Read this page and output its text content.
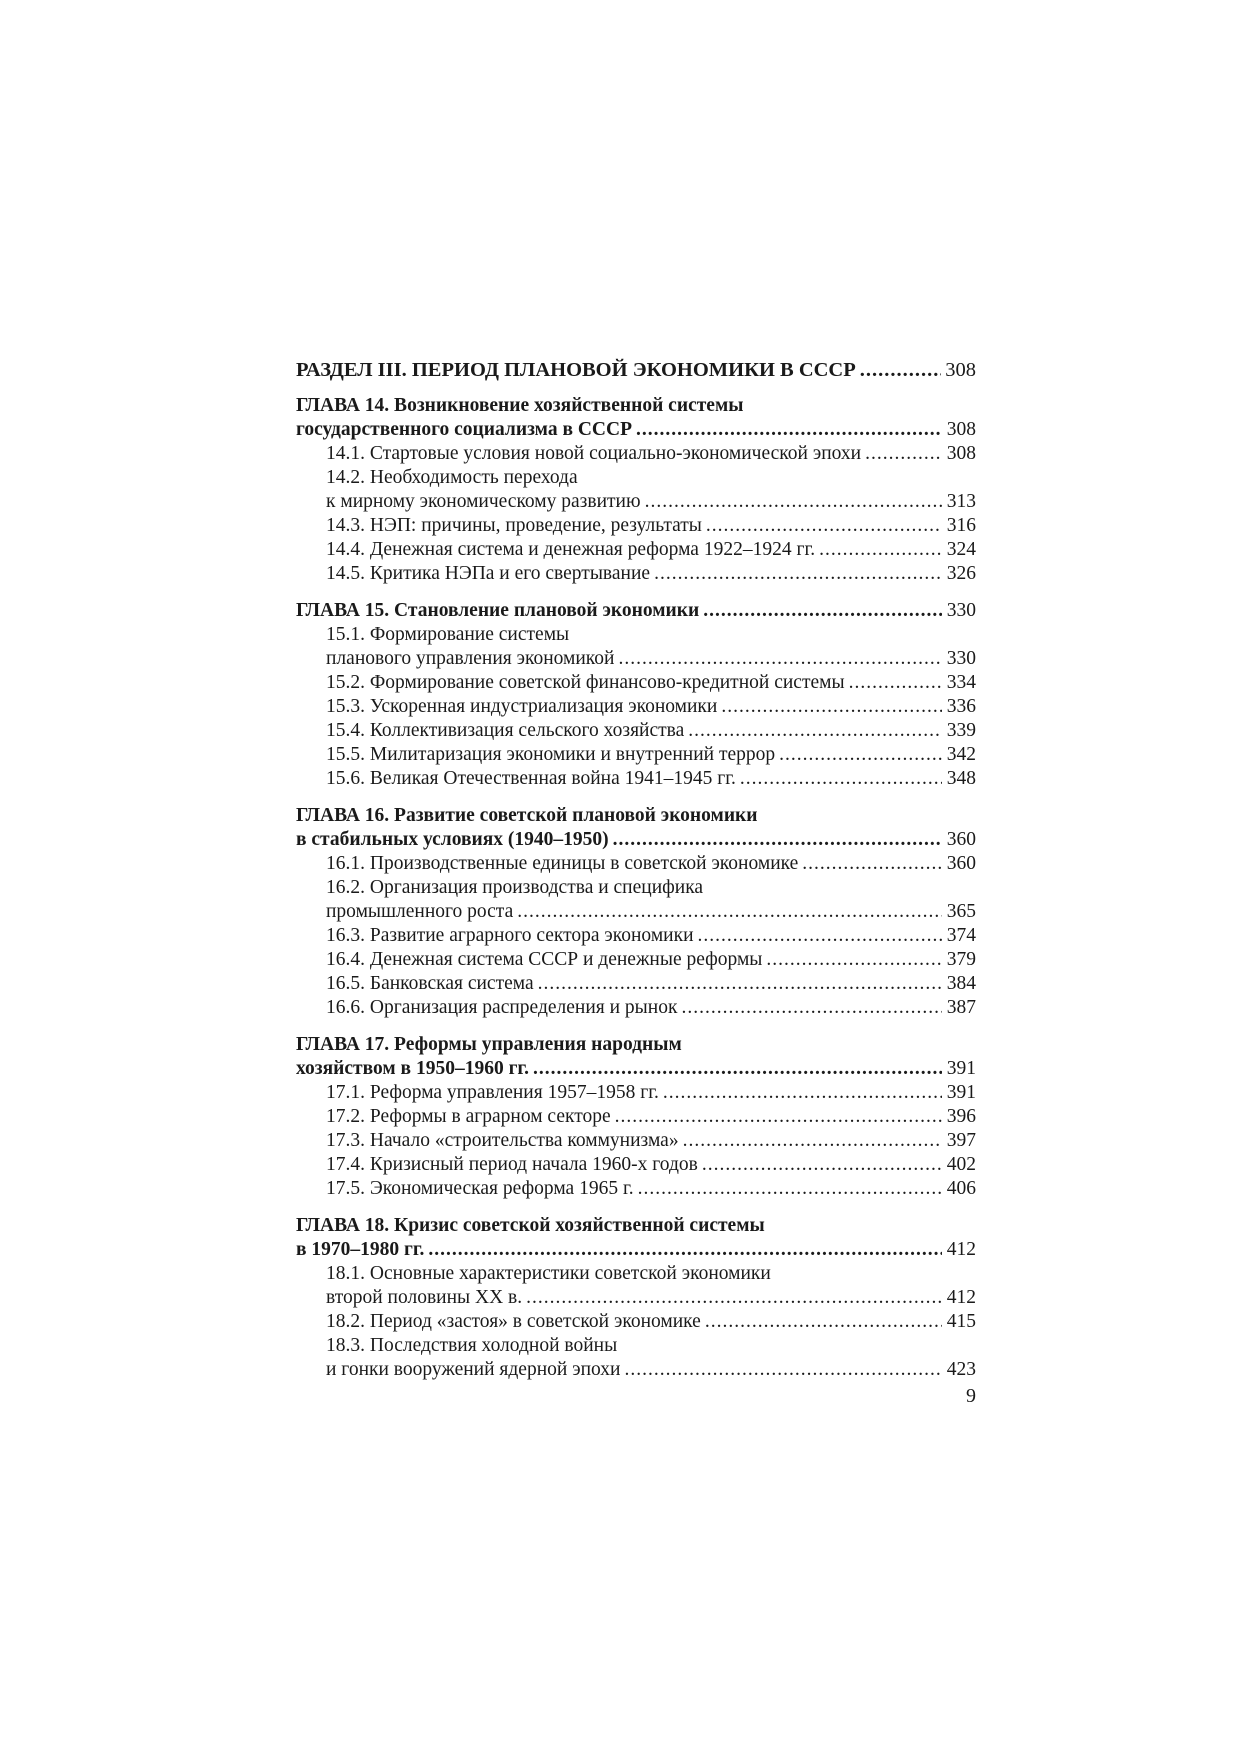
РАЗДЕЛ III. ПЕРИОД ПЛАНОВОЙ ЭКОНОМИКИ В СССР .....	308
ГЛАВА 14. Возникновение хозяйственной системы
государственного социализма в СССР .....	308
14.1. Стартовые условия новой социально-экономической эпохи .....	308
14.2. Необходимость перехода
к мирному экономическому развитию .....	313
14.3. НЭП: причины, проведение, результаты .....	316
14.4. Денежная система и денежная реформа 1922–1924 гг. .....	324
14.5. Критика НЭПа и его свертывание .....	326
ГЛАВА 15. Становление плановой экономики .....	330
15.1. Формирование системы
планового управления экономикой .....	330
15.2. Формирование советской финансово-кредитной системы .....	334
15.3. Ускоренная индустриализация экономики .....	336
15.4. Коллективизация сельского хозяйства .....	339
15.5. Милитаризация экономики и внутренний террор .....	342
15.6. Великая Отечественная война 1941–1945 гг. .....	348
ГЛАВА 16. Развитие советской плановой экономики
в стабильных условиях (1940–1950) .....	360
16.1. Производственные единицы в советской экономике .....	360
16.2. Организация производства и специфика
промышленного роста .....	365
16.3. Развитие аграрного сектора экономики .....	374
16.4. Денежная система СССР и денежные реформы .....	379
16.5. Банковская система .....	384
16.6. Организация распределения и рынок .....	387
ГЛАВА 17. Реформы управления народным
хозяйством в 1950–1960 гг. .....	391
17.1. Реформа управления 1957–1958 гг. .....	391
17.2. Реформы в аграрном секторе .....	396
17.3. Начало «строительства коммунизма» .....	397
17.4. Кризисный период начала 1960-х годов .....	402
17.5. Экономическая реформа 1965 г. .....	406
ГЛАВА 18. Кризис советской хозяйственной системы
в 1970–1980 гг. .....	412
18.1. Основные характеристики советской экономики
второй половины XX в. .....	412
18.2. Период «застоя» в советской экономике .....	415
18.3. Последствия холодной войны
и гонки вооружений ядерной эпохи .....	423
9
